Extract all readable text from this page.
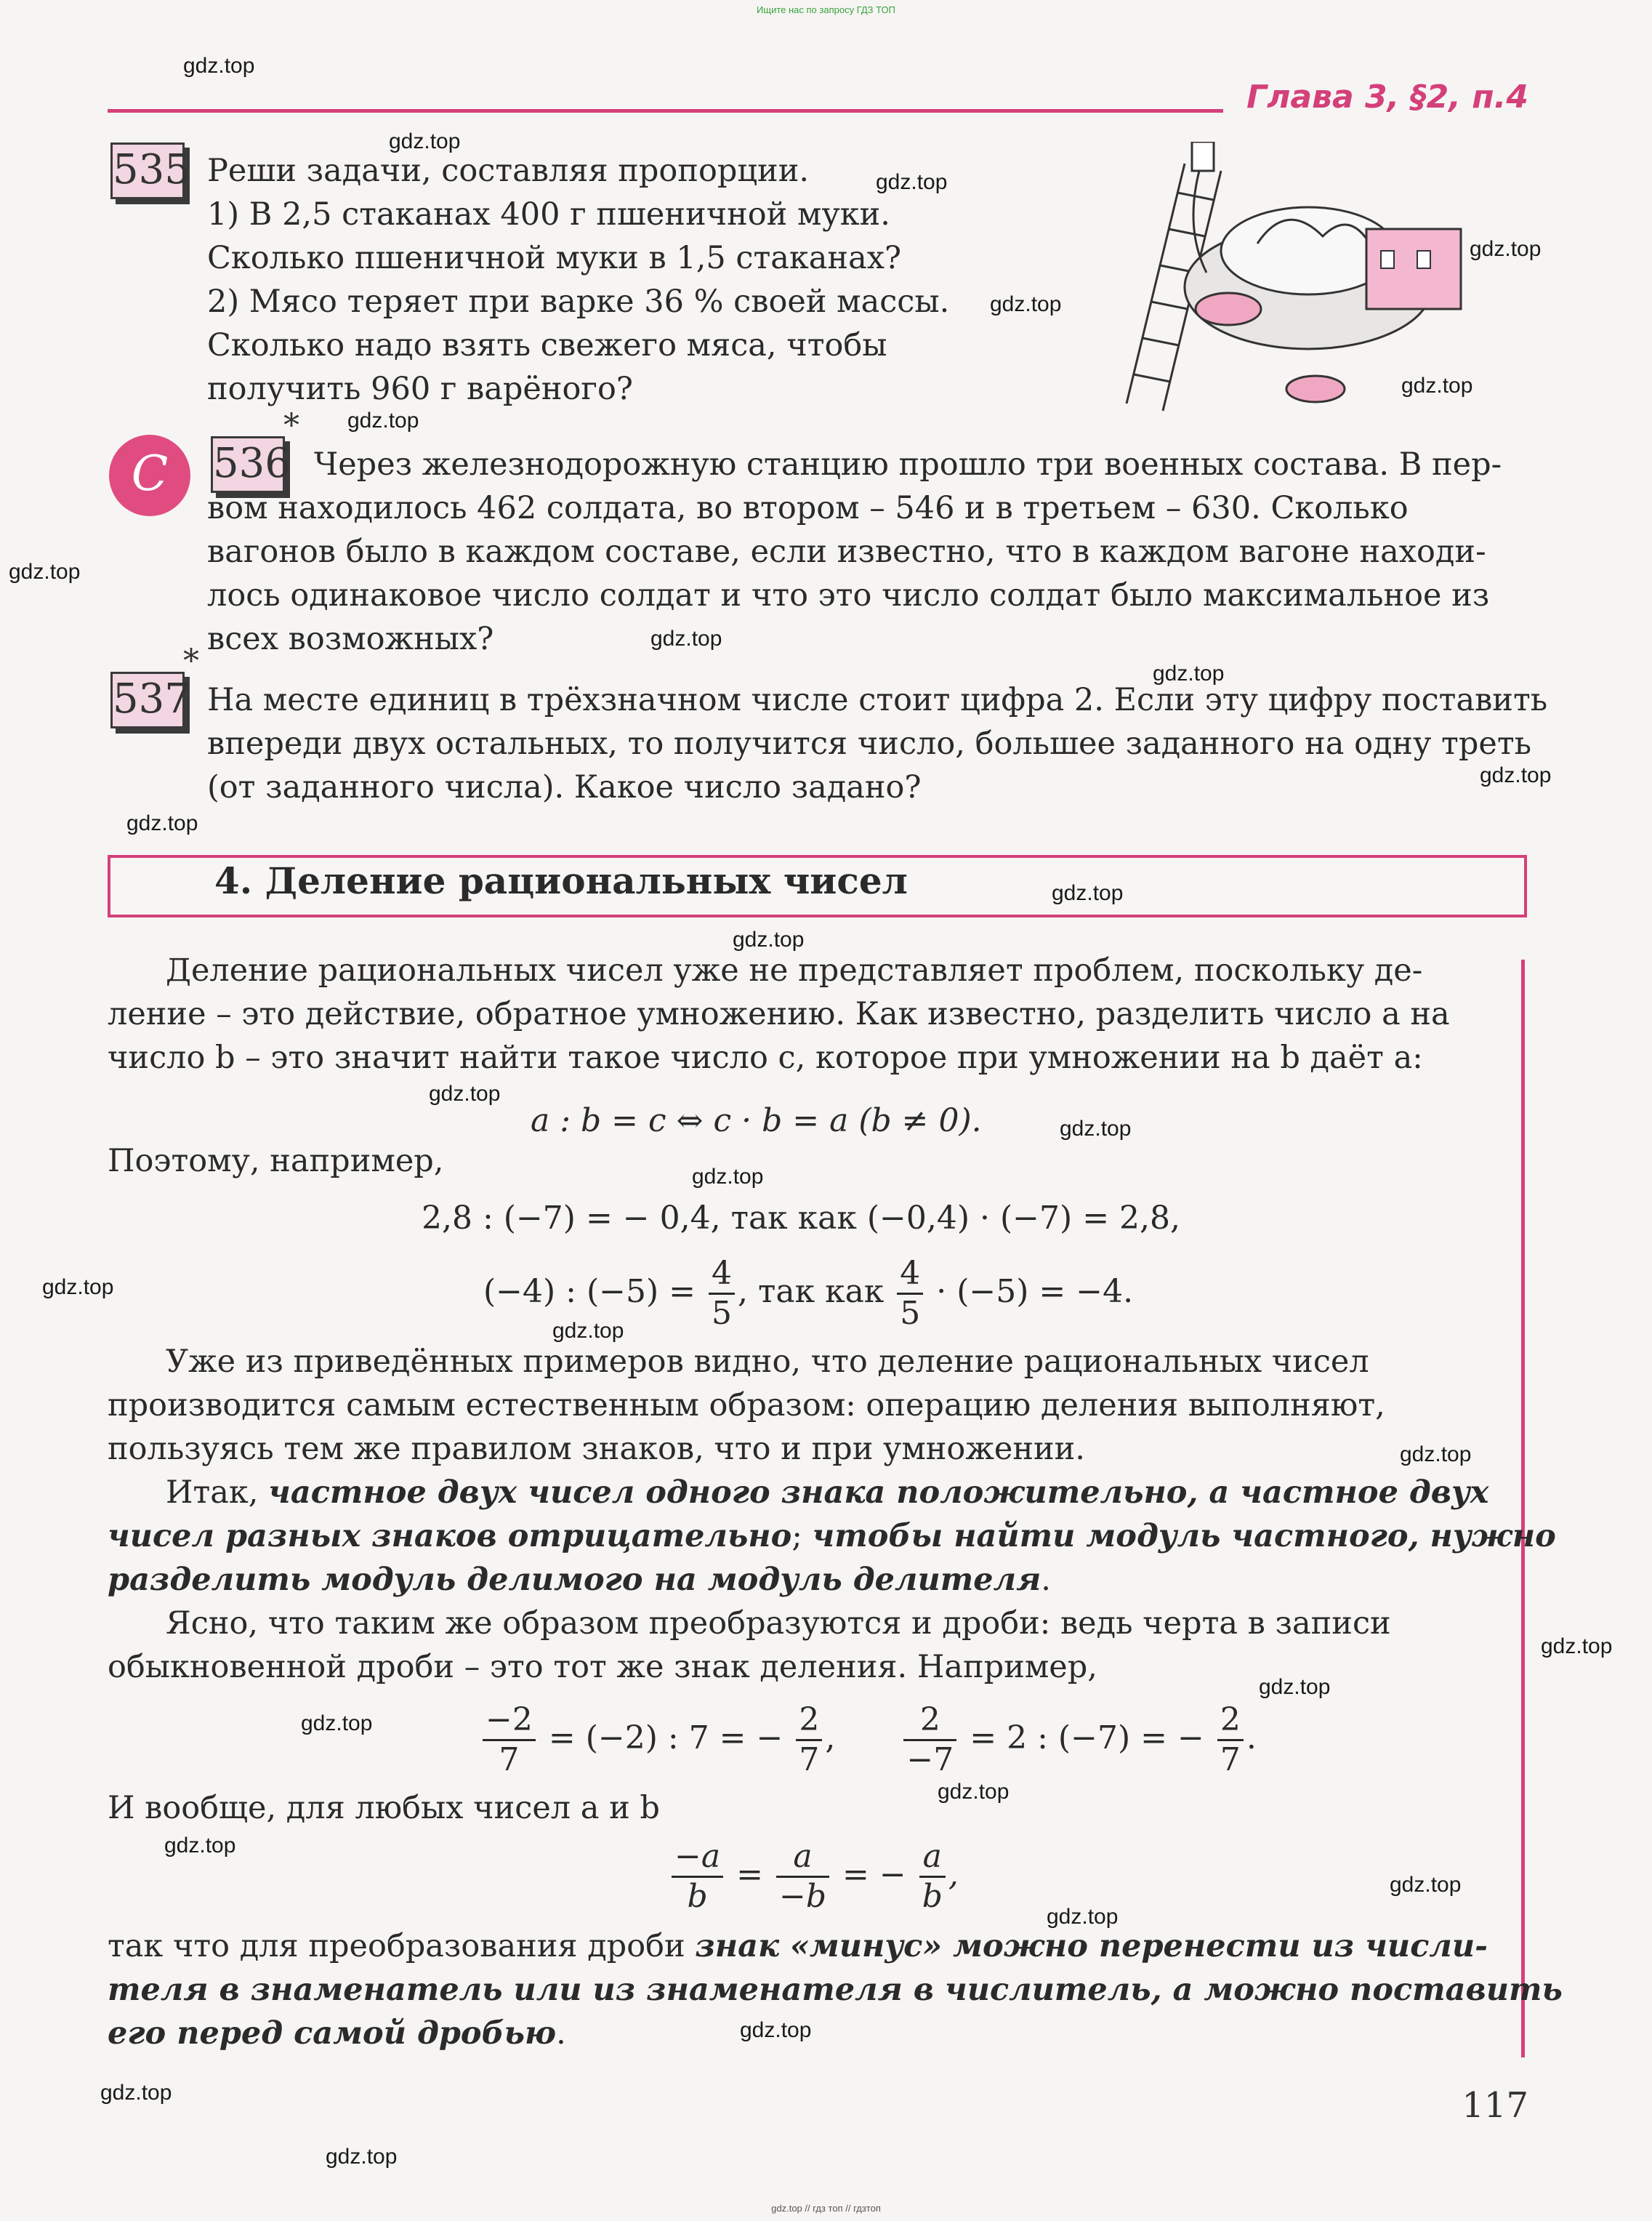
Ищите нас по запросу ГДЗ ТОП
Глава 3, §2, п.4
535 Реши задачи, составляя пропорции.
1) В 2,5 стаканах 400 г пшеничной муки.
Сколько пшеничной муки в 1,5 стаканах?
2) Мясо теряет при варке 36 % своей массы.
Сколько надо взять свежего мяса, чтобы
получить 960 г варёного?
С	536
*
Через железнодорожную станцию прошло три военных состава. В пер-
вом находилось 462 солдата, во втором – 546 и в третьем – 630. Сколько
вагонов было в каждом составе, если известно, что в каждом вагоне находи-
лось одинаковое число солдат и что это число солдат было максимальное из
всех возможных?
537
*
На месте единиц в трёхзначном числе стоит цифра 2. Если эту цифру поставить
впереди двух остальных, то получится число, большее заданного на одну треть
(от заданного числа). Какое число задано?
4. Деление рациональных чисел
Деление рациональных чисел уже не представляет проблем, поскольку де-
ление – это действие, обратное умножению. Как известно, разделить число a на
число b – это значит найти такое число c, которое при умножении на b даёт a:
a : b = c ⇔ c · b = a (b ≠ 0).
Поэтому, например,
2,8 : (−7) = − 0,4, так как (−0,4) · (−7) = 2,8,
(−4) : $(-5) = \frac{4}{5}$ , так как $\frac{4}{5} \cdot (-5) = -4$.
Уже из приведённых примеров видно, что деление рациональных чисел
производится самым естественным образом: операцию деления выполняют,
пользуясь тем же правилом знаков, что и при умножении.
Итак, частное двух чисел одного знака положительно, а частное двух
чисел разных знаков отрицательно; чтобы найти модуль частного, нужно
разделить модуль делимого на модуль делителя.
Ясно, что таким же образом преобразуются и дроби: ведь черта в записи
обыкновенной дроби – это тот же знак деления. Например,
$\frac{-2}{7} = (-2)$ : 7 = − $\frac{2}{7}$ , $\frac{2}{-7} = 2$ : (−7) = − $\frac{2}{7}$ .
И вообще, для любых чисел a и b
$\frac{-a}{b} = \frac{a}{-b}$ = − $\frac{a}{b}$ ,
так что для преобразования дроби знак «минус» можно перенести из числи-
теля в знаменатель или из знаменателя в числитель, а можно поставить
его перед самой дробью.
117
gdz.top
gdz.top
gdz.top
gdz.top
gdz.top
gdz.top
gdz.top
gdz.top
gdz.top
gdz.top
gdz.top
gdz.top
gdz.top
gdz.top
gdz.top
gdz.top
gdz.top
gdz.top
gdz.top
gdz.top
gdz.top
gdz.top
gdz.top
gdz.top
gdz.top
gdz.top
gdz.top
gdz.top
gdz.top
gdz.top
gdz.top // гдз топ // гдзтоп
